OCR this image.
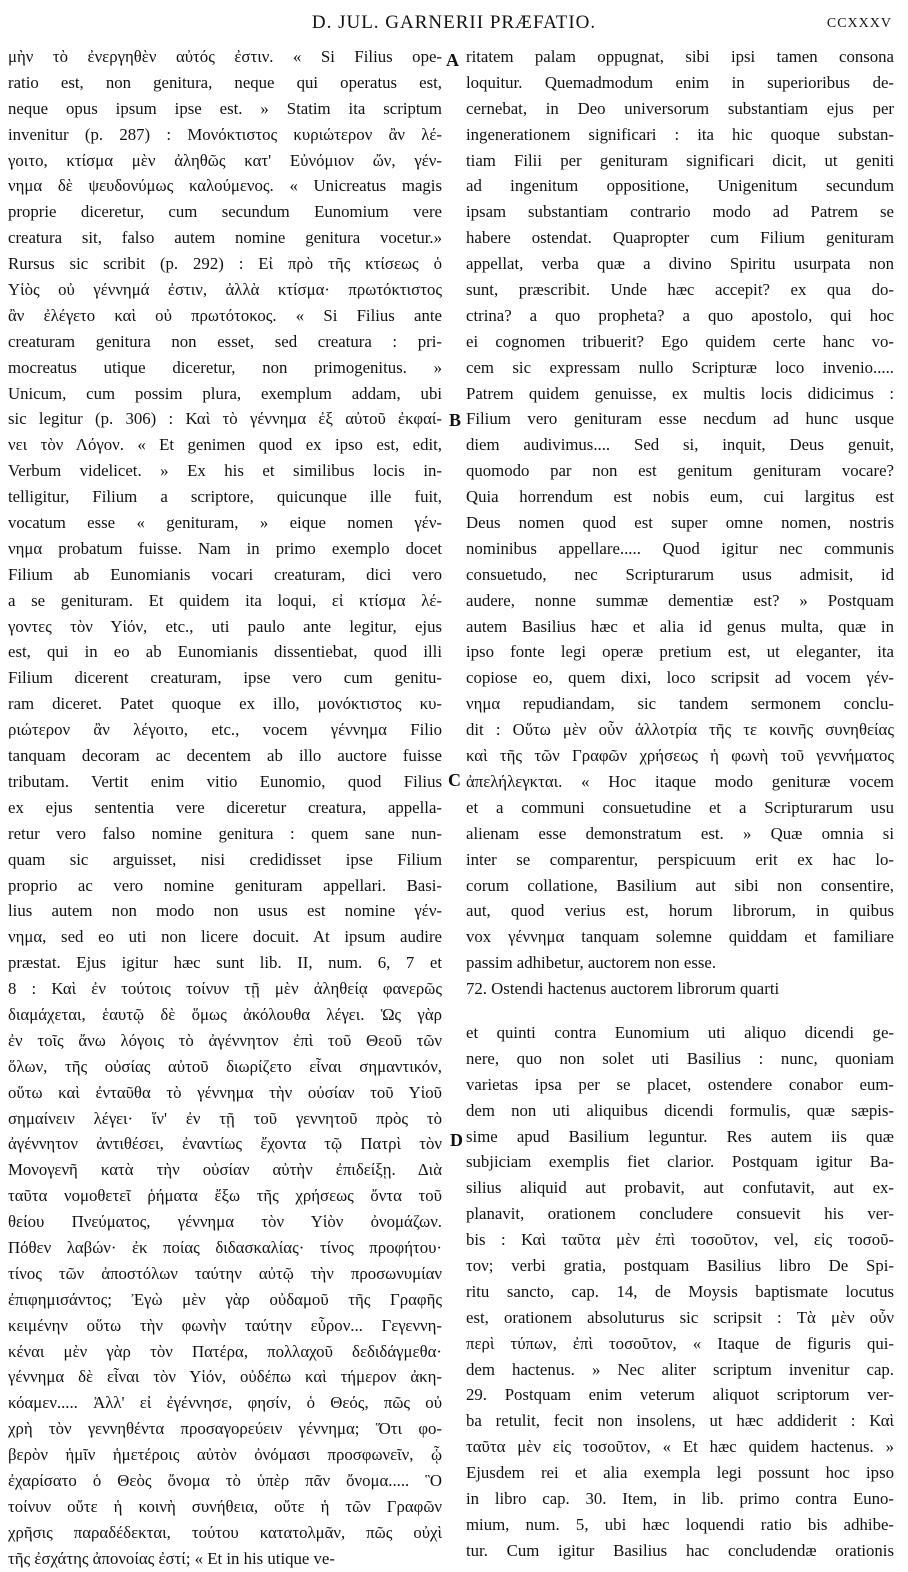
D. JUL. GARNERII PRÆFATIO.	CCXXXV
μὴν τὸ ἐνεργηθὲν αὐτός ἐστιν. « Si Filius ope-
ratio est, non genitura, neque qui operatus est,
neque opus ipsum ipse est. » Statim ita scriptum
invenitur (p. 287) : Μονόκτιστος κυριώτερον ἂν λέ-
γοιτο, κτίσμα μὲν ἀληθῶς κατ' Εὐνόμιον ὤν, γέν-
νημα δὲ ψευδονύμως καλούμενος. « Unicreatus magis
proprie diceretur, cum secundum Eunomium vere
creatura sit, falso autem nomine genitura vocetur.»
Rursus sic scribit (p. 292) : Εἰ πρὸ τῆς κτίσεως ὁ
Υἱὸς οὐ γέννημά ἐστιν, ἀλλὰ κτίσμα· πρωτόκτιστος
ἂν ἐλέγετο καὶ οὐ πρωτότοκος. « Si Filius ante
creaturam genitura non esset, sed creatura : pri-
mocreatus utique diceretur, non primogenitus. »
Unicum, cum possim plura, exemplum addam, ubi
sic legitur (p. 306) : Καὶ τὸ γέννημα ἐξ αὐτοῦ ἐκφαί-
νει τὸν Λόγον. « Et genimen quod ex ipso est, edit,
Verbum videlicet. » Ex his et similibus locis in-
telligitur, Filium a scriptore, quicunque ille fuit,
vocatum esse « genituram, » eique nomen γέν-
νημα probatum fuisse. Nam in primo exemplo docet
Filium ab Eunomianis vocari creaturam, dici vero
a se genituram. Et quidem ita loqui, εἰ κτίσμα λέ-
γοντες τὸν Υἱόν, etc., uti paulo ante legitur, ejus
est, qui in eo ab Eunomianis dissentiebat, quod illi
Filium dicerent creaturam, ipse vero cum genitu-
ram diceret. Patet quoque ex illo, μονόκτιστος κυ-
ριώτερον ἂν λέγοιτο, etc., vocem γέννημα Filio
tanquam decoram ac decentem ab illo auctore fuisse
tributam. Vertit enim vitio Eunomio, quod Filius
ex ejus sententia vere diceretur creatura, appella-
retur vero falso nomine genitura : quem sane nun-
quam sic arguisset, nisi credidisset ipse Filium
proprio ac vero nomine genituram appellari. Basi-
lius autem non modo non usus est nomine γέν-
νημα, sed eo uti non licere docuit. At ipsum audire
præstat. Ejus igitur hæc sunt lib. II, num. 6, 7 et
8 : Καὶ ἐν τούτοις τοίνυν τῇ μὲν ἀληθείᾳ φανερῶς
διαμάχεται, ἑαυτῷ δὲ ὅμως ἀκόλουθα λέγει. Ὡς γὰρ
ἐν τοῖς ἄνω λόγοις τὸ ἀγέννητον ἐπὶ τοῦ Θεοῦ τῶν
ὅλων, τῆς οὐσίας αὐτοῦ διωρίζετο εἶναι σημαντικόν,
οὕτω καὶ ἐνταῦθα τὸ γέννημα τὴν οὐσίαν τοῦ Υἱοῦ
σημαίνειν λέγει· ἵν' ἐν τῇ τοῦ γεννητοῦ πρὸς τὸ
ἀγέννητον ἀντιθέσει, ἐναντίως ἔχοντα τῷ Πατρὶ τὸν
Μονογενῆ κατὰ τὴν οὐσίαν αὐτὴν ἐπιδείξῃ. Διὰ
ταῦτα νομοθετεῖ ῥήματα ἔξω τῆς χρήσεως ὄντα τοῦ
θείου Πνεύματος, γέννημα τὸν Υἱὸν ὀνομάζων.
Πόθεν λαβών· ἐκ ποίας διδασκαλίας· τίνος προφήτου·
τίνος τῶν ἀποστόλων ταύτην αὐτῷ τὴν προσωνυμίαν
ἐπιφημισάντος; Ἐγὼ μὲν γὰρ οὐδαμοῦ τῆς Γραφῆς
κειμένην οὕτω τὴν φωνὴν ταύτην εὗρον... Γεγεννη-
κέναι μὲν γὰρ τὸν Πατέρα, πολλαχοῦ δεδιδάγμεθα·
γέννημα δὲ εἶναι τὸν Υἱόν, οὐδέπω καὶ τήμερον ἀκη-
κόαμεν..... Ἀλλ' εἰ ἐγέννησε, φησίν, ὁ Θεός, πῶς οὐ
χρὴ τὸν γεννηθέντα προσαγορεύειν γέννημα; Ὅτι φο-
βερὸν ἡμῖν ἡμετέροις αὐτὸν ὀνόμασι προσφωνεῖν, ᾧ
ἐχαρίσατο ὁ Θεὸς ὄνομα τὸ ὑπὲρ πᾶν ὄνομα..... Ὃ
τοίνυν οὔτε ἡ κοινὴ συνήθεια, οὔτε ἡ τῶν Γραφῶν
χρῆσις παραδέδεκται, τούτου κατατολμᾶν, πῶς οὐχὶ
τῆς ἐσχάτης ἀπονοίας ἐστί; « Et in his utique ve-
ritatem palam oppugnat, sibi ipsi tamen consona
loquitur. Quemadmodum enim in superioribus de-
cernebat, in Deo universorum substantiam ejus per
ingenerationem significari : ita hic quoque substan-
tiam Filii per genituram significari dicit, ut geniti
ad ingenitum oppositione, Unigenitum secundum
ipsam substantiam contrario modo ad Patrem se
habere ostendat. Quapropter cum Filium genituram
appellat, verba quæ a divino Spiritu usurpata non
sunt, præscribit. Unde hæc accepit? ex qua do-
ctrina? a quo propheta? a quo apostolo, qui hoc
ei cognomen tribuerit? Ego quidem certe hanc vo-
cem sic expressam nullo Scripturæ loco invenio.....
Patrem quidem genuisse, ex multis locis didicimus :
Filium vero genituram esse necdum ad hunc usque
diem audivimus.... Sed si, inquit, Deus genuit,
quomodo par non est genitum genituram vocare?
Quia horrendum est nobis eum, cui largitus est
Deus nomen quod est super omne nomen, nostris
nominibus appellare..... Quod igitur nec communis
consuetudo, nec Scripturarum usus admisit, id
audere, nonne summæ dementiæ est? » Postquam
autem Basilius hæc et alia id genus multa, quæ in
ipso fonte legi operæ pretium est, ut eleganter, ita
copiose eo, quem dixi, loco scripsit ad vocem γέν-
νημα repudiandam, sic tandem sermonem conclu-
dit : Οὕτω μὲν οὖν ἀλλοτρία τῆς τε κοινῆς συνηθείας
καὶ τῆς τῶν Γραφῶν χρήσεως ἡ φωνὴ τοῦ γεννήματος
ἀπελήλεγκται. « Hoc itaque modo genituræ vocem
et a communi consuetudine et a Scripturarum usu
alienam esse demonstratum est. » Quæ omnia si
inter se comparentur, perspicuum erit ex hac lo-
corum collatione, Basilium aut sibi non consentire,
aut, quod verius est, horum librorum, in quibus
vox γέννημα tanquam solemne quiddam et familiare
passim adhibetur, auctorem non esse.
72. Ostendi hactenus auctorem librorum quarti
et quinti contra Eunomium uti aliquo dicendi ge-
nere, quo non solet uti Basilius : nunc, quoniam
varietas ipsa per se placet, ostendere conabor eum-
dem non uti aliquibus dicendi formulis, quæ sæpis-
sime apud Basilium leguntur. Res autem iis quæ
subjiciam exemplis fiet clarior. Postquam igitur Ba-
silius aliquid aut probavit, aut confutavit, aut ex-
planavit, orationem concludere consuevit his ver-
bis : Καὶ ταῦτα μὲν ἐπὶ τοσοῦτον, vel, εἰς τοσοῦ-
τον; verbi gratia, postquam Basilius libro De Spi-
ritu sancto, cap. 14, de Moysis baptismate locutus
est, orationem absoluturus sic scripsit : Τὰ μὲν οὖν
περὶ τύπων, ἐπὶ τοσοῦτον, « Itaque de figuris qui-
dem hactenus. » Nec aliter scriptum invenitur cap.
29. Postquam enim veterum aliquot scriptorum ver-
ba retulit, fecit non insolens, ut hæc addiderit : Καὶ
ταῦτα μὲν εἰς τοσοῦτον, « Et hæc quidem hactenus. »
Ejusdem rei et alia exempla legi possunt hoc ipso
in libro cap. 30. Item, in lib. primo contra Euno-
mium, num. 5, ubi hæc loquendi ratio bis adhibe-
tur. Cum igitur Basilius hac concludendæ orationis
A
B
C
D
